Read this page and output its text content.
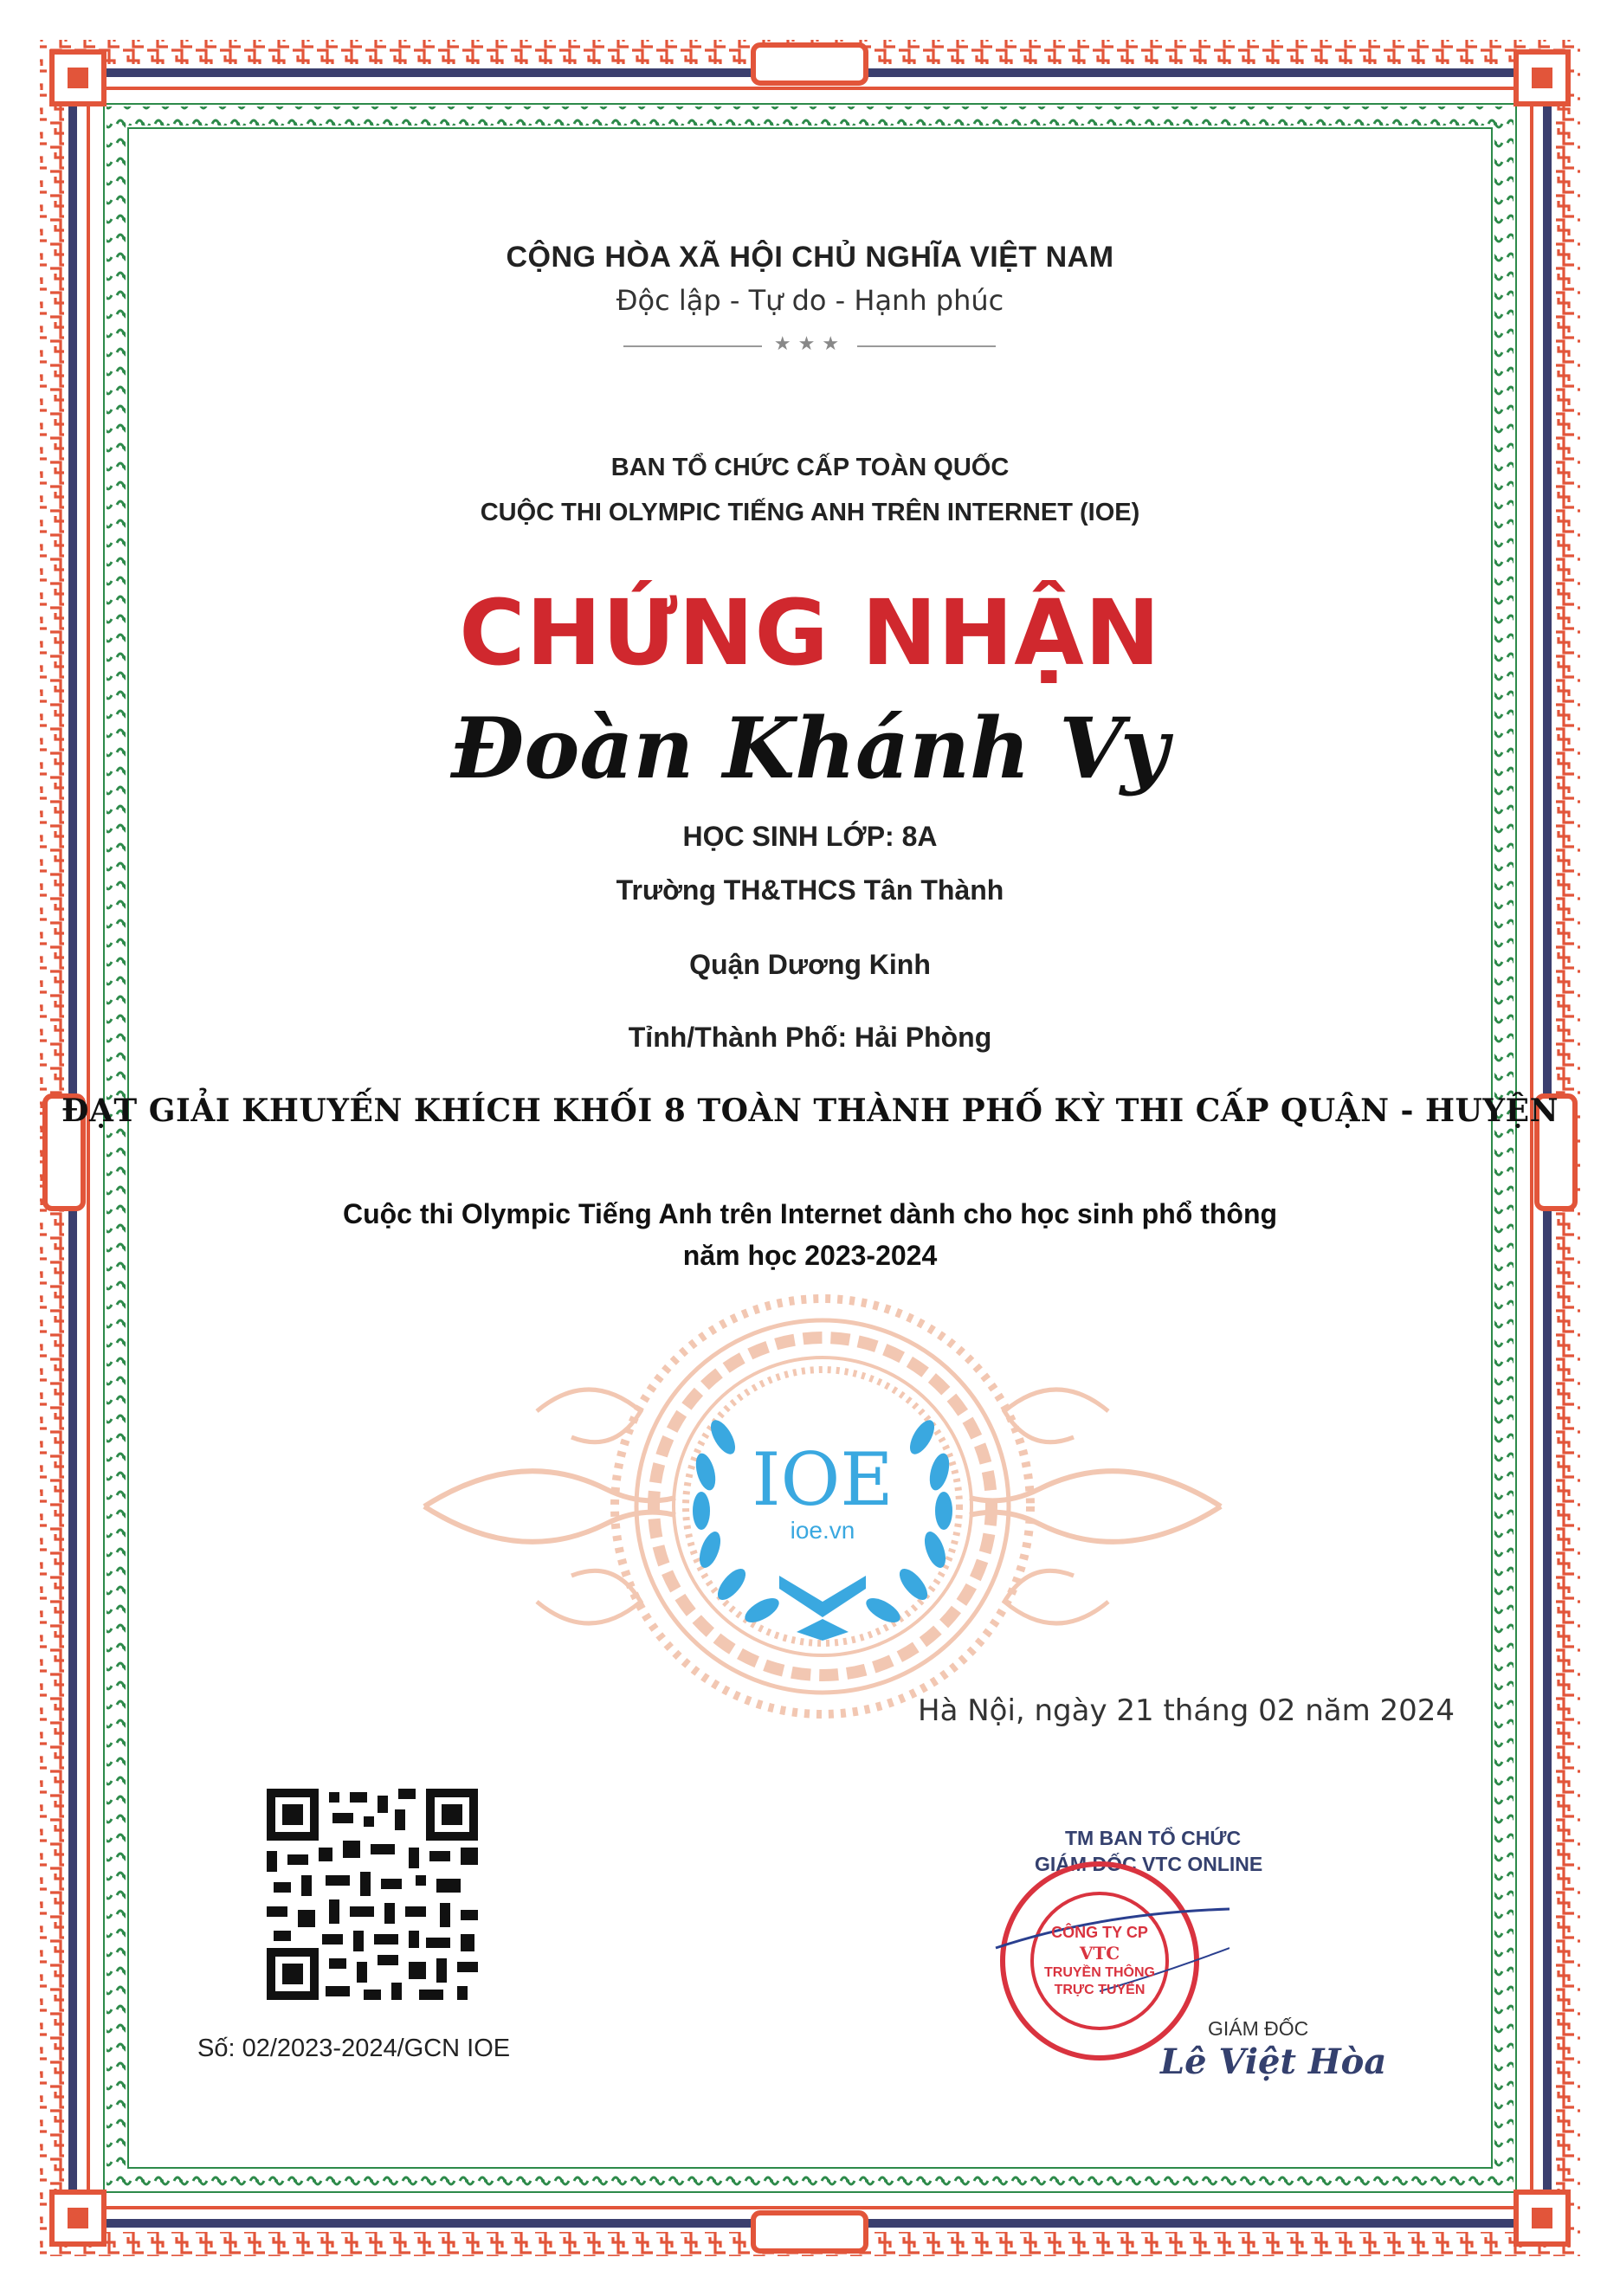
★★★
CỘNG HÒA XÃ HỘI CHỦ NGHĨA VIỆT NAM
Độc lập - Tự do - Hạnh phúc
BAN TỔ CHỨC CẤP TOÀN QUỐC
CUỘC THI OLYMPIC TIẾNG ANH TRÊN INTERNET (IOE)
CHỨNG NHẬN
Đoàn Khánh Vy
HỌC SINH LỚP: 8A
Trường TH&THCS Tân Thành
Quận Dương Kinh
Tỉnh/Thành Phố: Hải Phòng
ĐẠT GIẢI KHUYẾN KHÍCH KHỐI 8 TOÀN THÀNH PHỐ KỲ THI CẤP QUẬN - HUYỆN
Cuộc thi Olympic Tiếng Anh trên Internet dành cho học sinh phổ thông
năm học 2023-2024
IOE
ioe.vn
Hà Nội, ngày 21 tháng 02 năm 2024
Số: 02/2023-2024/GCN IOE
TM BAN TỔ CHỨC
GIÁM ĐỐC VTC ONLINE
CÔNG TY CP
VTC
TRUYỀN THÔNG
TRỰC TUYẾN
GIÁM ĐỐC
Lê Việt Hòa
